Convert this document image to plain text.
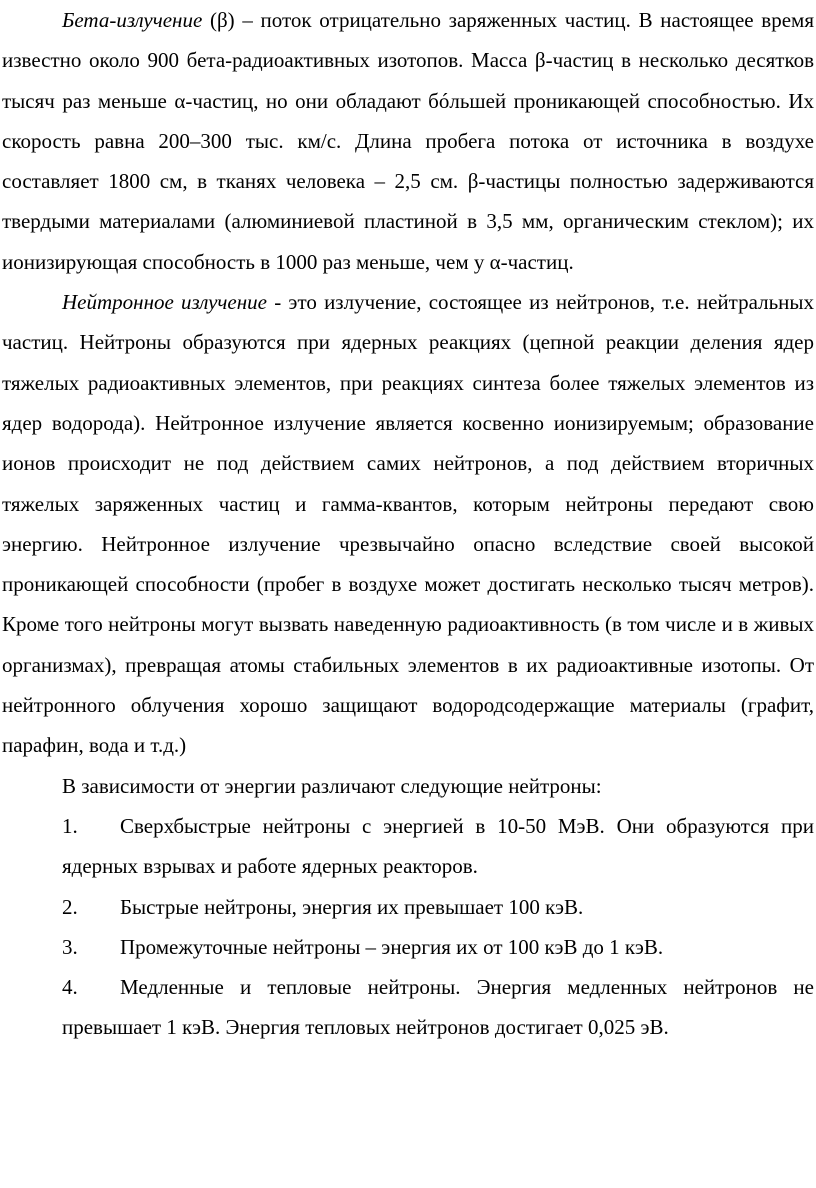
Бета-излучение (β) – поток отрицательно заряженных частиц. В настоящее время известно около 900 бета-радиоактивных изотопов. Масса β-частиц в несколько десятков тысяч раз меньше α-частиц, но они обладают бóльшей проникающей способностью. Их скорость равна 200–300 тыс. км/с. Длина пробега потока от источника в воздухе составляет 1800 см, в тканях человека – 2,5 см. β-частицы полностью задерживаются твердыми материалами (алюминиевой пластиной в 3,5 мм, органическим стеклом); их ионизирующая способность в 1000 раз меньше, чем у α-частиц.

Нейтронное излучение - это излучение, состоящее из нейтронов, т.е. нейтральных частиц. Нейтроны образуются при ядерных реакциях (цепной реакции деления ядер тяжелых радиоактивных элементов, при реакциях синтеза более тяжелых элементов из ядер водорода). Нейтронное излучение является косвенно ионизируемым; образование ионов происходит не под действием самих нейтронов, а под действием вторичных тяжелых заряженных частиц и гамма-квантов, которым нейтроны передают свою энергию. Нейтронное излучение чрезвычайно опасно вследствие своей высокой проникающей способности (пробег в воздухе может достигать несколько тысяч метров). Кроме того нейтроны могут вызвать наведенную радиоактивность (в том числе и в живых организмах), превращая атомы стабильных элементов в их радиоактивные изотопы. От нейтронного облучения хорошо защищают водородсодержащие материалы (графит, парафин, вода и т.д.)

В зависимости от энергии различают следующие нейтроны:

1. Сверхбыстрые нейтроны с энергией в 10-50 МэВ. Они образуются при ядерных взрывах и работе ядерных реакторов.

2. Быстрые нейтроны, энергия их превышает 100 кэВ.

3. Промежуточные нейтроны – энергия их от 100 кэВ до 1 кэВ.

4. Медленные и тепловые нейтроны. Энергия медленных нейтронов не превышает 1 кэВ. Энергия тепловых нейтронов достигает 0,025 эВ.
